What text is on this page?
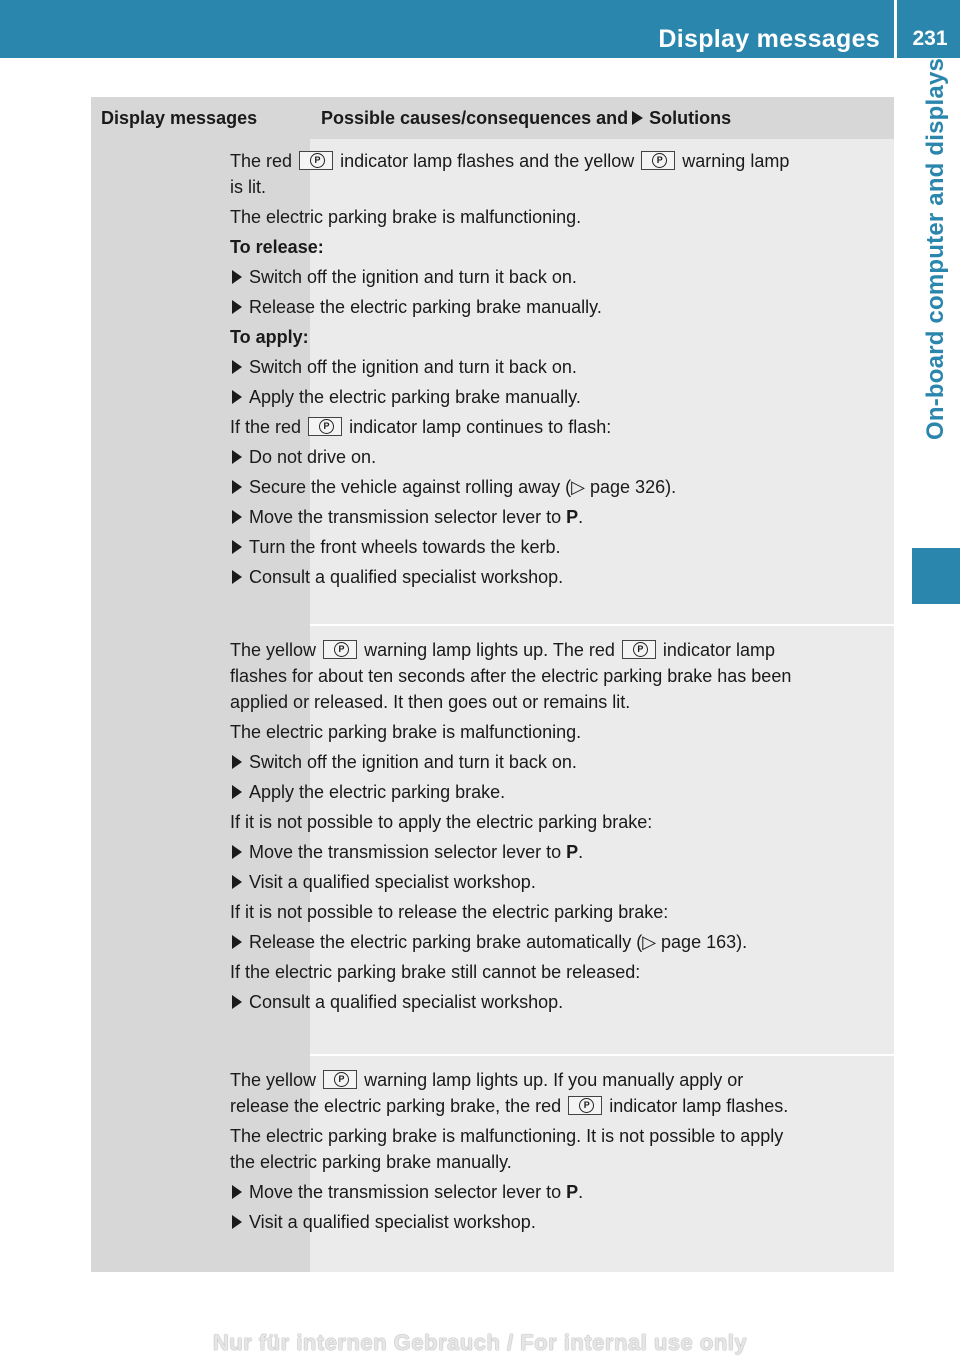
Display messages	231
On-board computer and displays
Display messages	Possible causes/consequences and Solutions

The red P	indicator lamp flashes and the yellow P	warning lamp is lit.

The electric parking brake is malfunctioning.

To release:

Switch off the ignition and turn it back on.

Release the electric parking brake manually.

To apply:

Switch off the ignition and turn it back on.

Apply the electric parking brake manually.

If the red P	indicator lamp continues to flash:

Do not drive on.

Secure the vehicle against rolling away (▷ page 326).

Move the transmission selector lever to P.

Turn the front wheels towards the kerb.

Consult a qualified specialist workshop.

The yellow P	warning lamp lights up. The red P	indicator lamp flashes for about ten seconds after the electric parking brake has been applied or released. It then goes out or remains lit.

The electric parking brake is malfunctioning.

Switch off the ignition and turn it back on.

Apply the electric parking brake.

If it is not possible to apply the electric parking brake:

Move the transmission selector lever to P.

Visit a qualified specialist workshop.

If it is not possible to release the electric parking brake:

Release the electric parking brake automatically (▷ page 163).

If the electric parking brake still cannot be released:

Consult a qualified specialist workshop.

The yellow P	warning lamp lights up. If you manually apply or release the electric parking brake, the red P	indicator lamp flashes.

The electric parking brake is malfunctioning. It is not possible to apply the electric parking brake manually.

Move the transmission selector lever to P.

Visit a qualified specialist workshop.

Nur für internen Gebrauch / For internal use only
